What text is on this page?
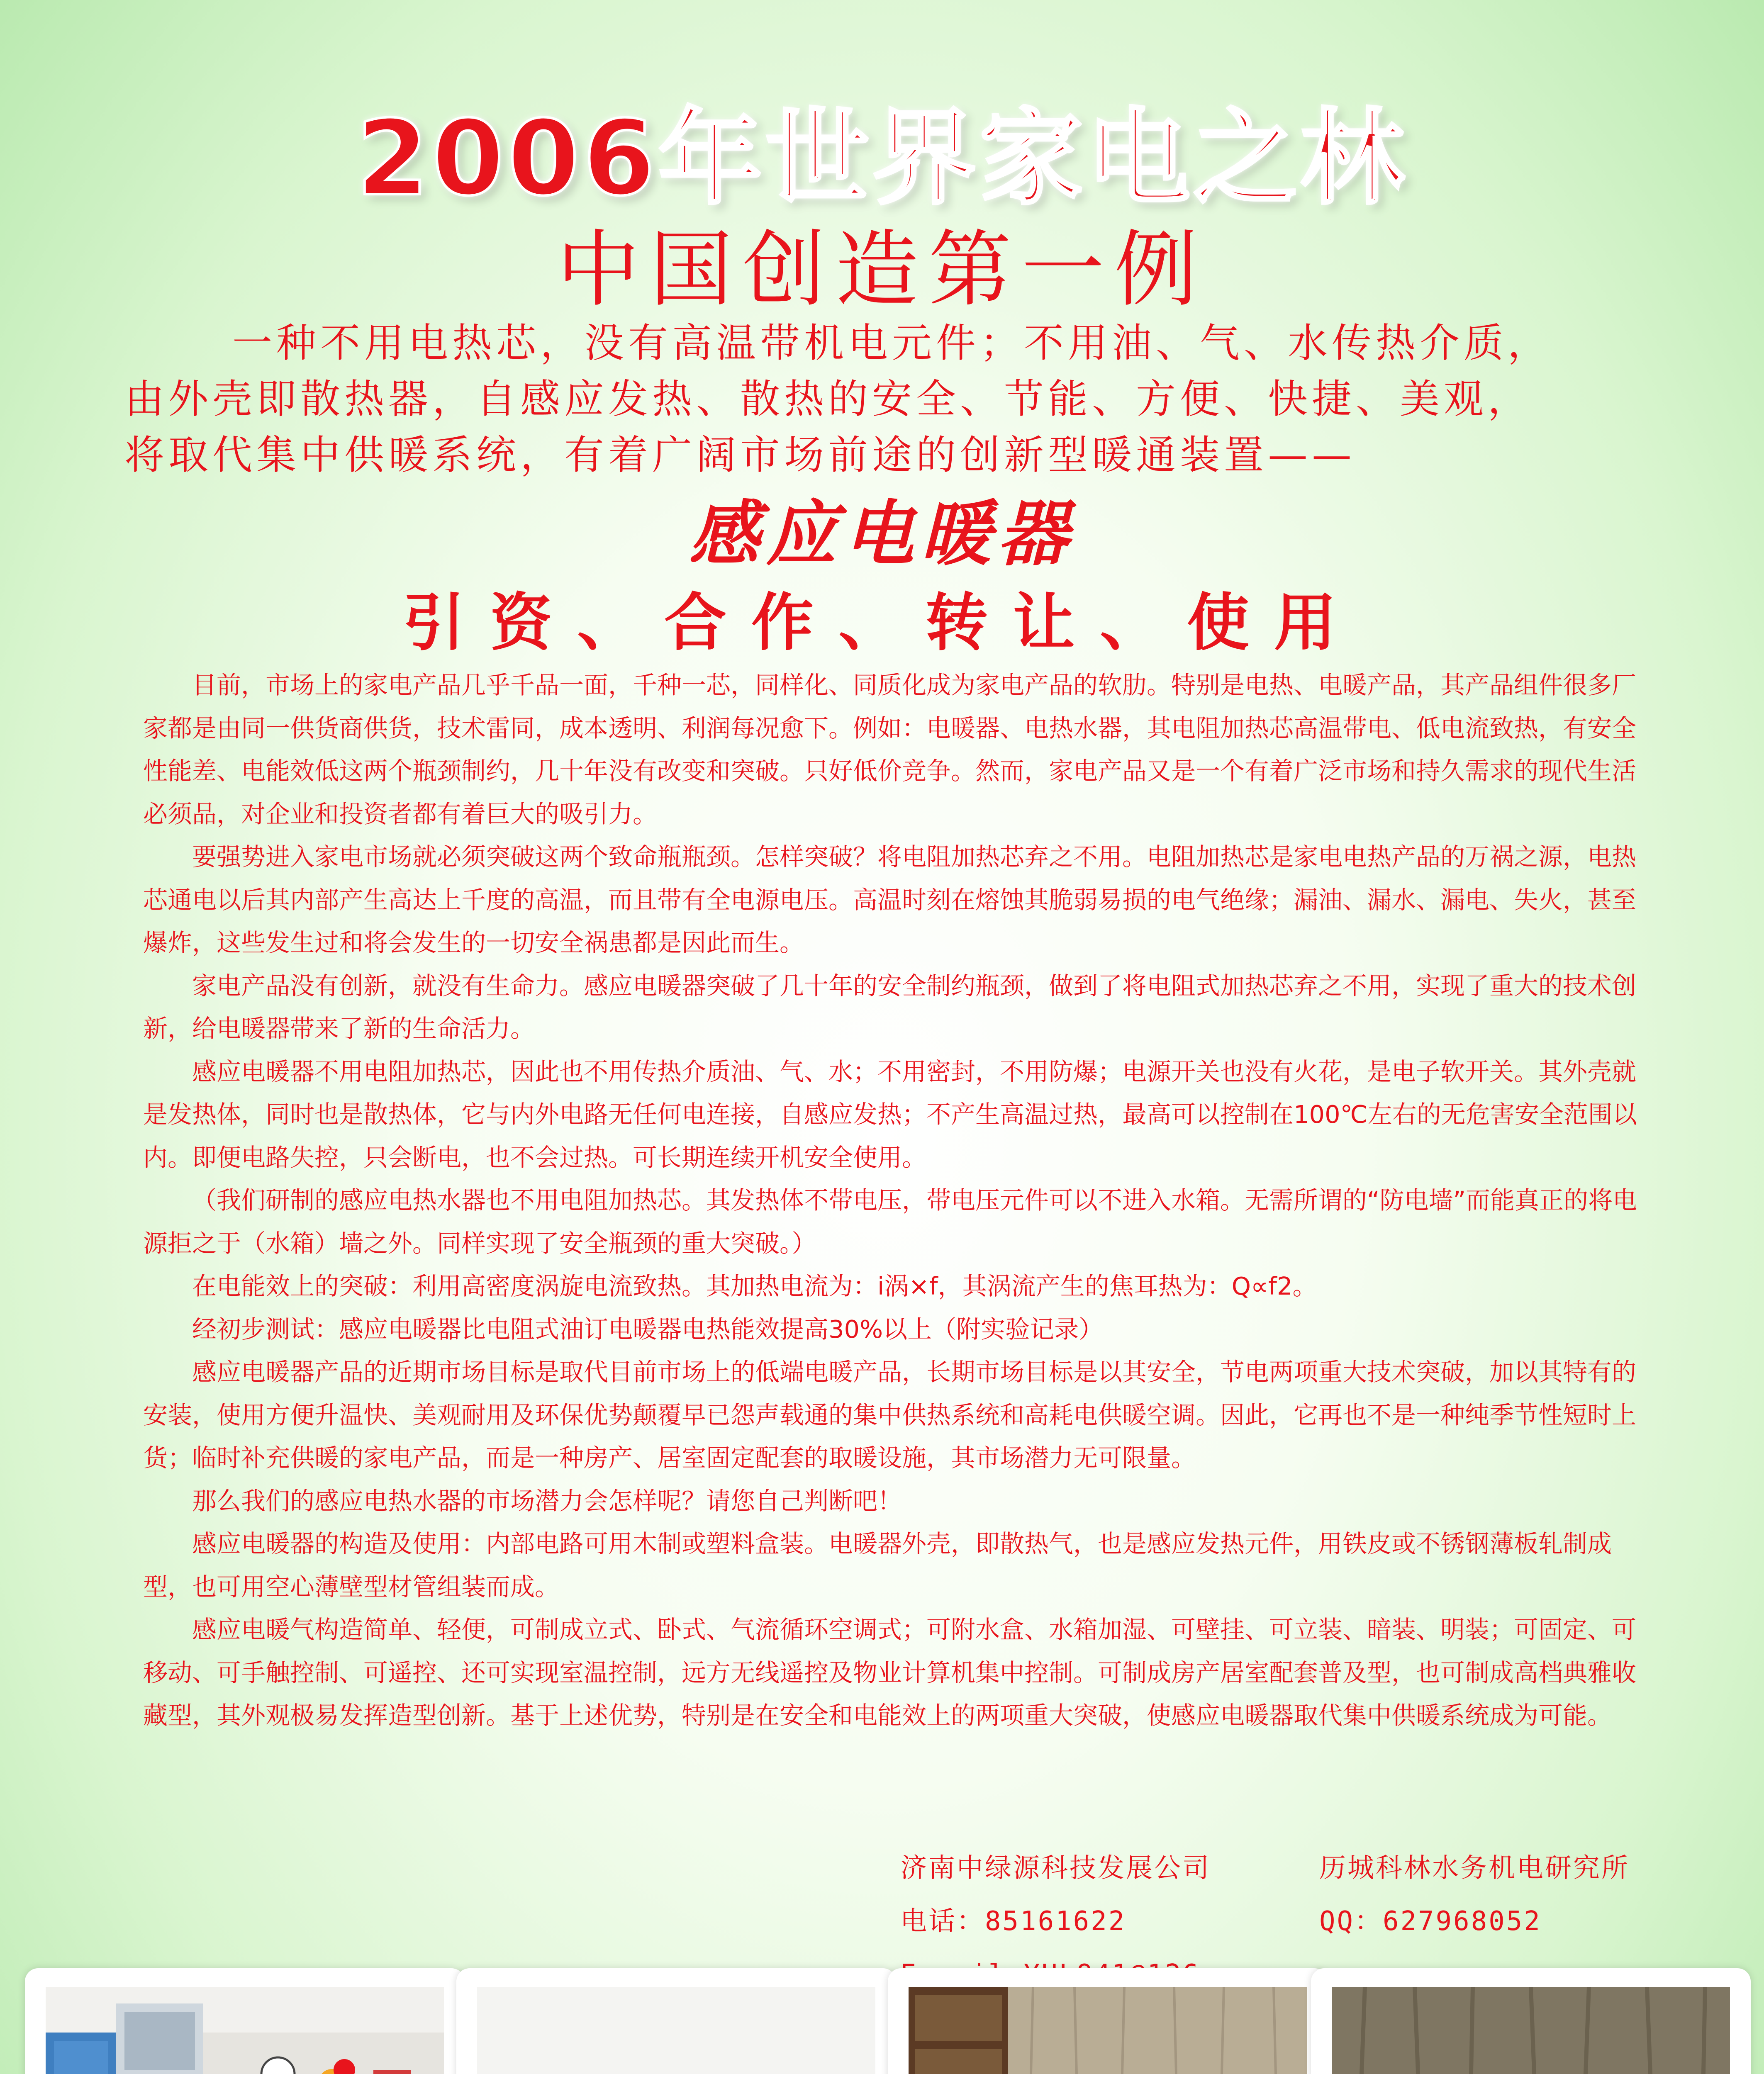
2006年世界家电之林
中国创造第一例

一种不用电热芯，没有高温带机电元件；不用油、气、水传热介质，

由外壳即散热器，自感应发热、散热的安全、节能、方便、快捷、美观，

将取代集中供暖系统，有着广阔市场前途的创新型暖通装置——

感应电暖器
引资、合作、转让、使用

目前，市场上的家电产品几乎千品一面，千种一芯，同样化、同质化成为家电产品的软肋。特别是电热、电暖产品，其产品组件很多厂家都是由同一供货商供货，技术雷同，成本透明、利润每况愈下。例如：电暖器、电热水器，其电阻加热芯高温带电、低电流致热，有安全性能差、电能效低这两个瓶颈制约，几十年没有改变和突破。只好低价竞争。然而，家电产品又是一个有着广泛市场和持久需求的现代生活必须品，对企业和投资者都有着巨大的吸引力。

要强势进入家电市场就必须突破这两个致命瓶瓶颈。怎样突破？将电阻加热芯弃之不用。电阻加热芯是家电电热产品的万祸之源，电热芯通电以后其内部产生高达上千度的高温，而且带有全电源电压。高温时刻在熔蚀其脆弱易损的电气绝缘；漏油、漏水、漏电、失火，甚至爆炸，这些发生过和将会发生的一切安全祸患都是因此而生。

家电产品没有创新，就没有生命力。感应电暖器突破了几十年的安全制约瓶颈，做到了将电阻式加热芯弃之不用，实现了重大的技术创新，给电暖器带来了新的生命活力。

感应电暖器不用电阻加热芯，因此也不用传热介质油、气、水；不用密封，不用防爆；电源开关也没有火花，是电子软开关。其外壳就是发热体，同时也是散热体，它与内外电路无任何电连接，自感应发热；不产生高温过热，最高可以控制在100℃左右的无危害安全范围以内。即便电路失控，只会断电，也不会过热。可长期连续开机安全使用。

（我们研制的感应电热水器也不用电阻加热芯。其发热体不带电压，带电压元件可以不进入水箱。无需所谓的“防电墙”而能真正的将电源拒之于（水箱）墙之外。同样实现了安全瓶颈的重大突破。）

在电能效上的突破：利用高密度涡旋电流致热。其加热电流为：i涡×f，其涡流产生的焦耳热为：Q∝f2。

经初步测试：感应电暖器比电阻式油订电暖器电热能效提高30%以上（附实验记录）

感应电暖器产品的近期市场目标是取代目前市场上的低端电暖产品，长期市场目标是以其安全，节电两项重大技术突破，加以其特有的安装，使用方便升温快、美观耐用及环保优势颠覆早已怨声载通的集中供热系统和高耗电供暖空调。因此，它再也不是一种纯季节性短时上货；临时补充供暖的家电产品，而是一种房产、居室固定配套的取暖设施，其市场潜力无可限量。

那么我们的感应电热水器的市场潜力会怎样呢？请您自己判断吧！

感应电暖器的构造及使用：内部电路可用木制或塑料盒装。电暖器外壳，即散热气，也是感应发热元件，用铁皮或不锈钢薄板轧制成型，也可用空心薄壁型材管组装而成。

感应电暖气构造简单、轻便，可制成立式、卧式、气流循环空调式；可附水盒、水箱加湿、可壁挂、可立装、暗装、明装；可固定、可移动、可手触控制、可遥控、还可实现室温控制，远方无线遥控及物业计算机集中控制。可制成房产居室配套普及型，也可制成高档典雅收藏型，其外观极易发挥造型创新。基于上述优势，特别是在安全和电能效上的两项重大突破，使感应电暖器取代集中供暖系统成为可能。

济南中绿源科技发展公司
电话：85161622
历城科林水务机电研究所
QQ：627968052
